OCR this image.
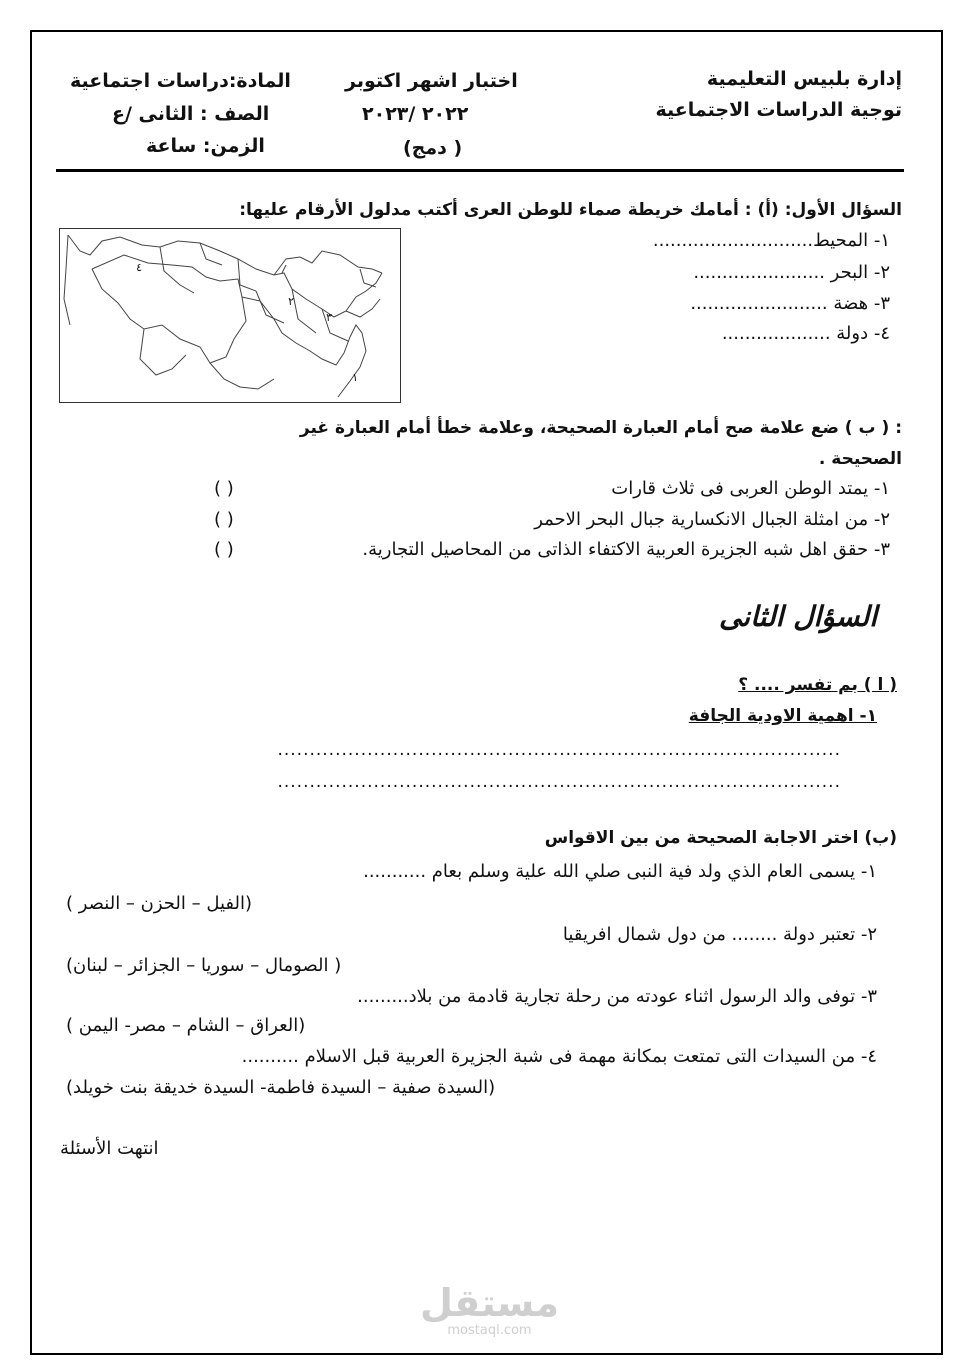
إدارة بلبيس التعليمية
توجية الدراسات الاجتماعية
اختبار اشهر اكتوبر
٢٠٢٢ /٢٠٢٣
( دمج)
المادة:دراسات اجتماعية
الصف : الثانى /ع
الزمن: ساعة
السؤال الأول: (أ) : أمامك خريطة صماء للوطن العرى أكتب مدلول الأرقام عليها:
٤
٢
٣
١
١- المحيط............................
٢- البحر .......................
٣- هضة ........................
٤- دولة ...................
: ( ب ) ضع علامة صح أمام العبارة الصحيحة، وعلامة خطأ أمام العبارة غير
الصحيحة .
١- يمتد الوطن العربى فى ثلاث قارات
٢- من امثلة الجبال الانكسارية جبال البحر الاحمر
٣- حقق اهل شبه الجزيرة العربية الاكتفاء الذاتى من المحاصيل التجارية.
( )
( )
( )
السؤال الثانى
( ا ) بم تفسر .... ؟
١- اهمية الاودية الجافة
........................................................................................
........................................................................................
(ب) اختر الاجابة الصحيحة من بين الاقواس
١- يسمى العام الذي ولد فية النبى صلي الله علية وسلم بعام ...........
(الفيل – الحزن – النصر )
٢- تعتبر دولة ........ من دول شمال افريقيا
( الصومال – سوريا – الجزائر – لبنان)
٣- توفى والد الرسول اثناء عودته من رحلة تجارية قادمة من بلاد.........
(العراق – الشام – مصر- اليمن )
٤- من السيدات التى تمتعت بمكانة مهمة فى شبة الجزيرة العربية قبل الاسلام ..........
(السيدة صفية – السيدة فاطمة- السيدة خديقة بنت خويلد)
انتهت الأسئلة
مستقل
mostaql.com
